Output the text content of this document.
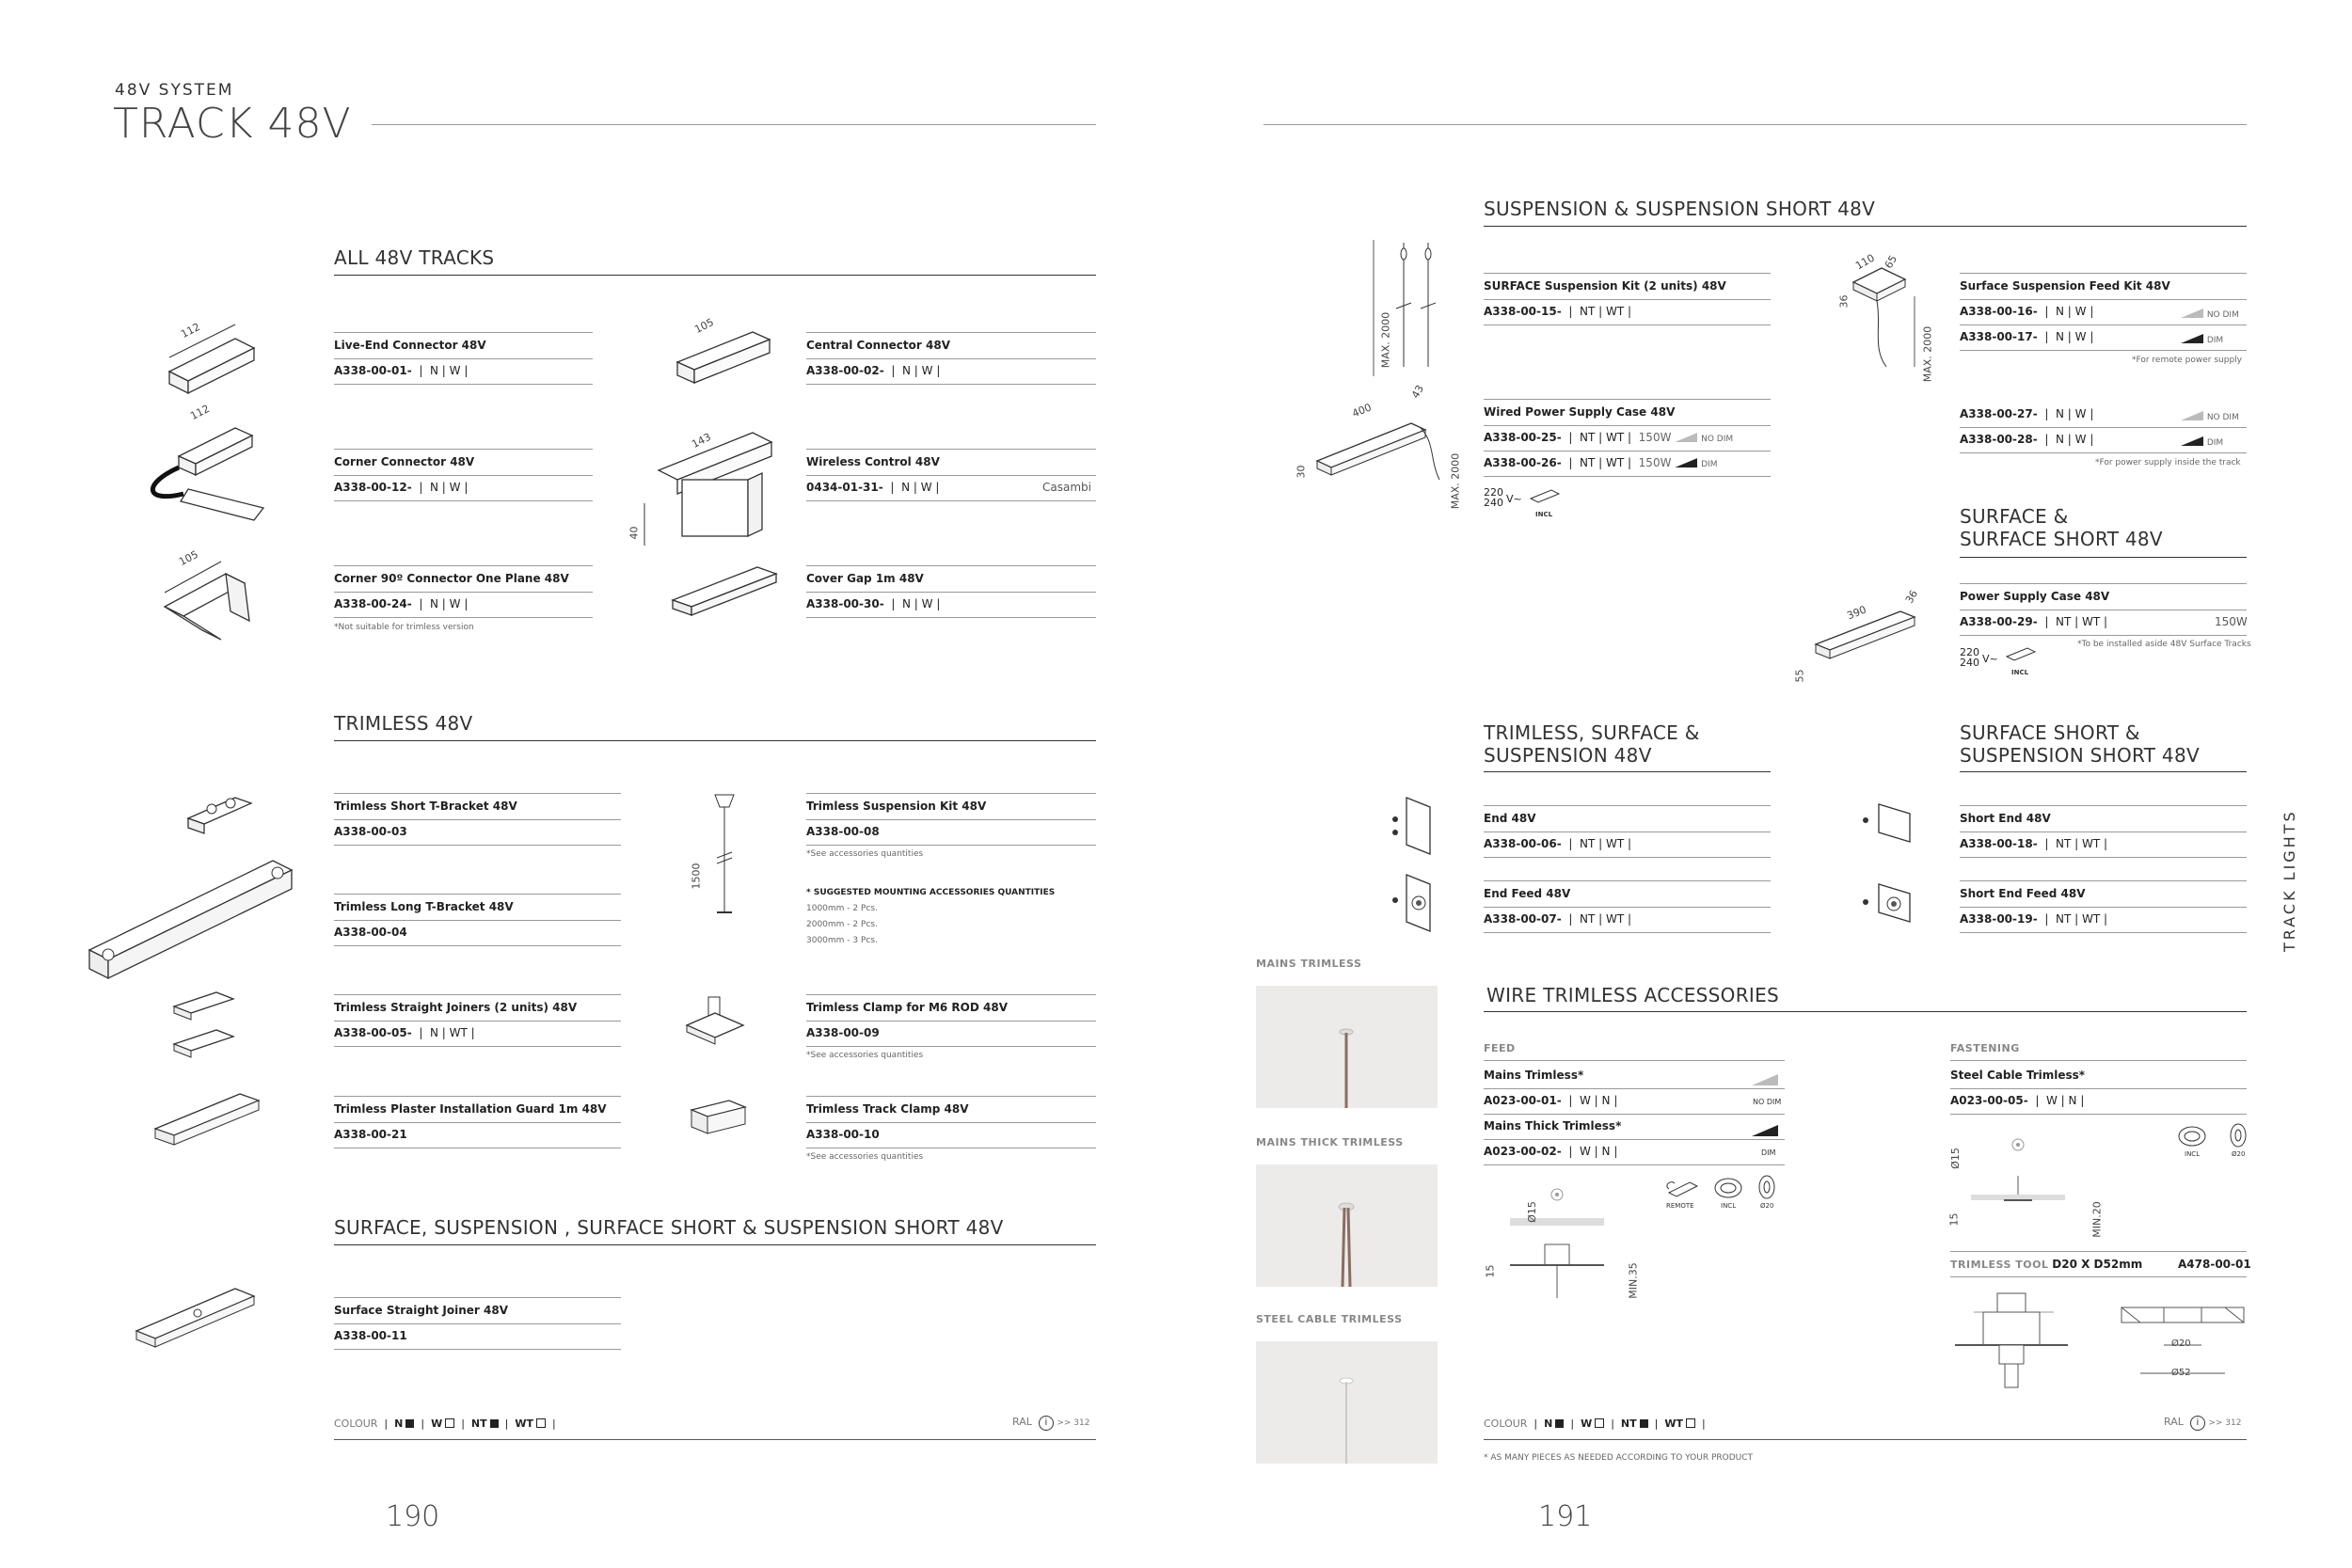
48V SYSTEM
TRACK 48V
TRACK LIGHTS
ALL 48V TRACKS
Live-End Connector 48V
A338-00-01-  |  N | W |
Central Connector 48V
A338-00-02-  |  N | W |
Corner Connector 48V
A338-00-12-  |  N | W |
Wireless Control 48V
0434-01-31-  |  N | W |	Casambi
Corner 90º Connector One Plane 48V
A338-00-24-  |  N | W |
*Not suitable for trimless version
Cover Gap 1m 48V
A338-00-30-  |  N | W |
112
112
105
105
143
40
TRIMLESS 48V
Trimless Short T-Bracket 48V
A338-00-03
Trimless Suspension Kit 48V
A338-00-08
*See accessories quantities
* SUGGESTED MOUNTING ACCESSORIES QUANTITIES
1000mm - 2 Pcs.
2000mm - 2 Pcs.
3000mm - 3 Pcs.
Trimless Long T-Bracket 48V
A338-00-04
Trimless Straight Joiners (2 units) 48V
A338-00-05-  |  N | WT |
Trimless Clamp for M6 ROD 48V
A338-00-09
*See accessories quantities
Trimless Plaster Installation Guard 1m 48V
A338-00-21
Trimless Track Clamp 48V
A338-00-10
*See accessories quantities
1500
SURFACE, SUSPENSION , SURFACE SHORT & SUSPENSION SHORT 48V
Surface Straight Joiner 48V
A338-00-11
COLOUR  |  N  |  W  |  NT  |  WT  |	RAL i >> 312
190
SUSPENSION & SUSPENSION SHORT 48V
MAX. 2000
400
43
30	MAX. 2000
SURFACE Suspension Kit (2 units) 48V
A338-00-15-  |  NT | WT |
Wired Power Supply Case 48V
A338-00-25-  |  NT | WT | 150W	NO DIM
A338-00-26-  |  NT | WT | 150W	DIM
220
240 V~
INCL
110 65
36
MAX. 2000
Surface Suspension Feed Kit 48V
A338-00-16-  |  N | W |	NO DIM
A338-00-17-  |  N | W |	DIM
*For remote power supply
A338-00-27-  |  N | W |	NO DIM
A338-00-28-  |  N | W |	DIM
*For power supply inside the track
SURFACE &
SURFACE SHORT 48V
390
36
55
Power Supply Case 48V
A338-00-29-  |  NT | WT |	150W
*To be installed aside 48V Surface Tracks
220
240 V~
INCL
TRIMLESS, SURFACE &
SUSPENSION 48V
End 48V
A338-00-06-  |  NT | WT |
End Feed 48V
A338-00-07-  |  NT | WT |
SURFACE SHORT &
SUSPENSION SHORT 48V
Short End 48V
A338-00-18-  |  NT | WT |
Short End Feed 48V
A338-00-19-  |  NT | WT |
MAINS TRIMLESS
MAINS THICK TRIMLESS
STEEL CABLE TRIMLESS
WIRE TRIMLESS ACCESSORIES
FEED
Mains Trimless*
A023-00-01-  |  W | N |	NO DIM
Mains Thick Trimless*
A023-00-02-  |  W | N |	DIM
REMOTE	INCL	Ø20
Ø15
15	MIN.35
FASTENING
Steel Cable Trimless*
A023-00-05-  |  W | N |
INCL	Ø20
Ø15
15	MIN.20
TRIMLESS TOOL D20 X D52mm	A478-00-01
Ø20
Ø52
COLOUR  |  N  |  W  |  NT  |  WT  |	RAL i >> 312
* AS MANY PIECES AS NEEDED ACCORDING TO YOUR PRODUCT
191
